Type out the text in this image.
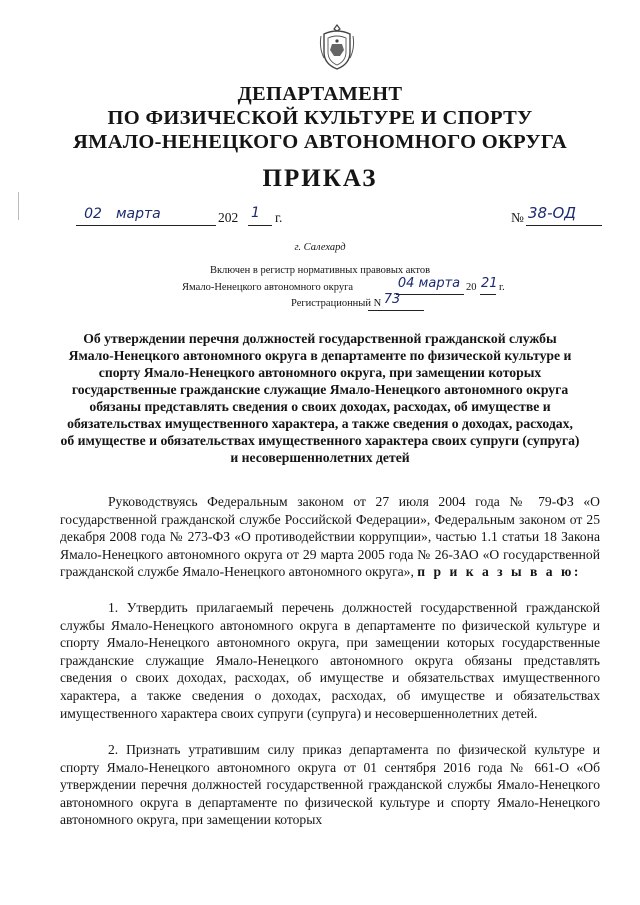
ДЕПАРТАМЕНТ
ПО ФИЗИЧЕСКОЙ КУЛЬТУРЕ И СПОРТУ
ЯМАЛО-НЕНЕЦКОГО АВТОНОМНОГО ОКРУГА
ПРИКАЗ
02	марта	202 1 г.	№ 38-ОД
г. Салехард
Включен в регистр нормативных правовых актов
Ямало-Ненецкого автономного округа	04 марта 20 21 г.
Регистрационный N 73
Об утверждении перечня должностей государственной гражданской службы Ямало-Ненецкого автономного округа в департаменте по физической культуре и спорту Ямало-Ненецкого автономного округа, при замещении которых государственные гражданские служащие Ямало-Ненецкого автономного округа обязаны представлять сведения о своих доходах, расходах, об имуществе и обязательствах имущественного характера, а также сведения о доходах, расходах, об имуществе и обязательствах имущественного характера своих супруги (супруга) и несовершеннолетних детей

Руководствуясь Федеральным законом от 27 июля 2004 года № 79-ФЗ «О государственной гражданской службе Российской Федерации», Федеральным законом от 25 декабря 2008 года № 273-ФЗ «О противодействии коррупции», частью 1.1 статьи 18 Закона Ямало-Ненецкого автономного округа от 29 марта 2005 года № 26-ЗАО «О государственной гражданской службе Ямало-Ненецкого автономного округа», п р и к а з ы в а ю:

1. Утвердить прилагаемый перечень должностей государственной гражданской службы Ямало-Ненецкого автономного округа в департаменте по физической культуре и спорту Ямало-Ненецкого автономного округа, при замещении которых государственные гражданские служащие Ямало-Ненецкого автономного округа обязаны представлять сведения о своих доходах, расходах, об имуществе и обязательствах имущественного характера, а также сведения о доходах, расходах, об имуществе и обязательствах имущественного характера своих супруги (супруга) и несовершеннолетних детей.

2. Признать утратившим силу приказ департамента по физической культуре и спорту Ямало-Ненецкого автономного округа от 01 сентября 2016 года № 661-О «Об утверждении перечня должностей государственной гражданской службы Ямало-Ненецкого автономного округа в департаменте по физической культуре и спорту Ямало-Ненецкого автономного округа, при замещении которых
